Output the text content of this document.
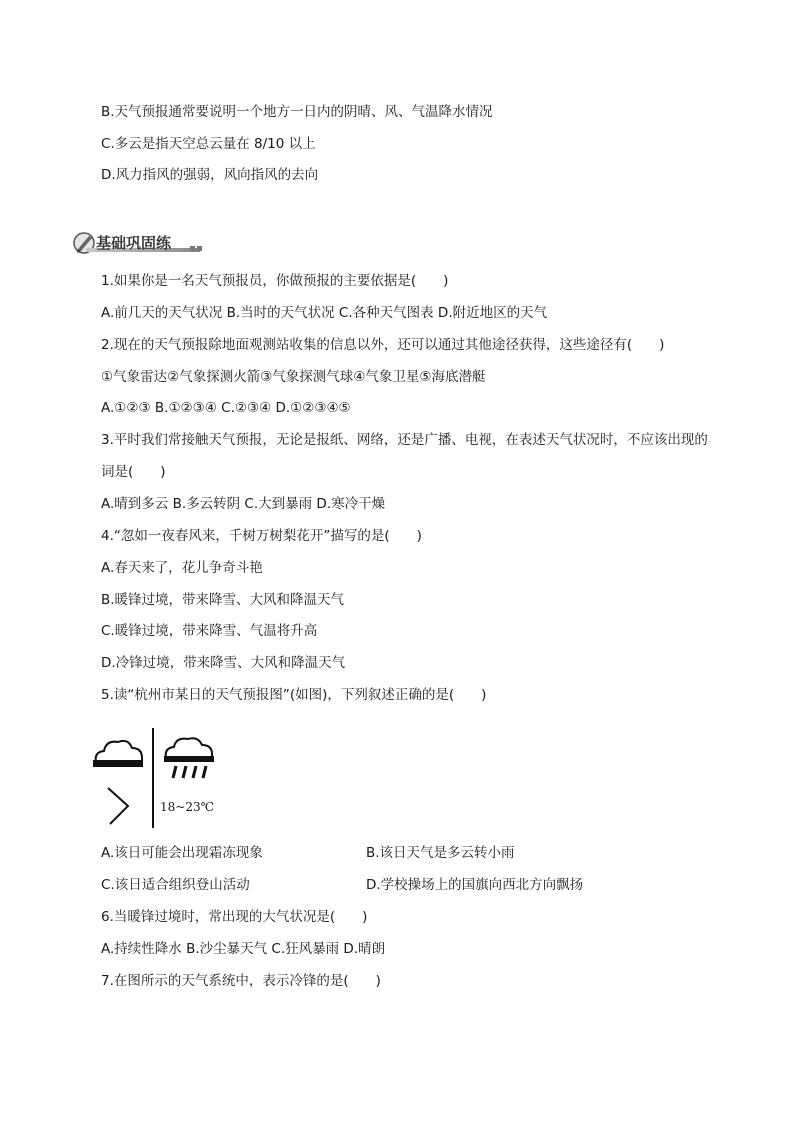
B.天气预报通常要说明一个地方一日内的阴晴、风、气温降水情况
C.多云是指天空总云量在 8/10 以上
D.风力指风的强弱，风向指风的去向
基础巩固练
1.如果你是一名天气预报员，你做预报的主要依据是(　　)
A.前几天的天气状况 B.当时的天气状况 C.各种天气图表 D.附近地区的天气
2.现在的天气预报除地面观测站收集的信息以外，还可以通过其他途径获得，这些途径有(　　)
①气象雷达②气象探测火箭③气象探测气球④气象卫星⑤海底潜艇
A.①②③ B.①②③④ C.②③④ D.①②③④⑤
3.平时我们常接触天气预报，无论是报纸、网络，还是广播、电视，在表述天气状况时，不应该出现的
词是(　　)
A.晴到多云 B.多云转阴 C.大到暴雨 D.寒冷干燥
4.“忽如一夜春风来，千树万树梨花开”描写的是(　　)
A.春天来了，花儿争奇斗艳
B.暖锋过境，带来降雪、大风和降温天气
C.暖锋过境，带来降雪、气温将升高
D.冷锋过境，带来降雪、大风和降温天气
5.读“杭州市某日的天气预报图”(如图)，下列叙述正确的是(　　)
18~23℃
A.该日可能会出现霜冻现象	B.该日天气是多云转小雨
C.该日适合组织登山活动	D.学校操场上的国旗向西北方向飘扬
6.当暖锋过境时，常出现的大气状况是(　　)
A.持续性降水 B.沙尘暴天气 C.狂风暴雨 D.晴朗
7.在图所示的天气系统中，表示冷锋的是(　　)
